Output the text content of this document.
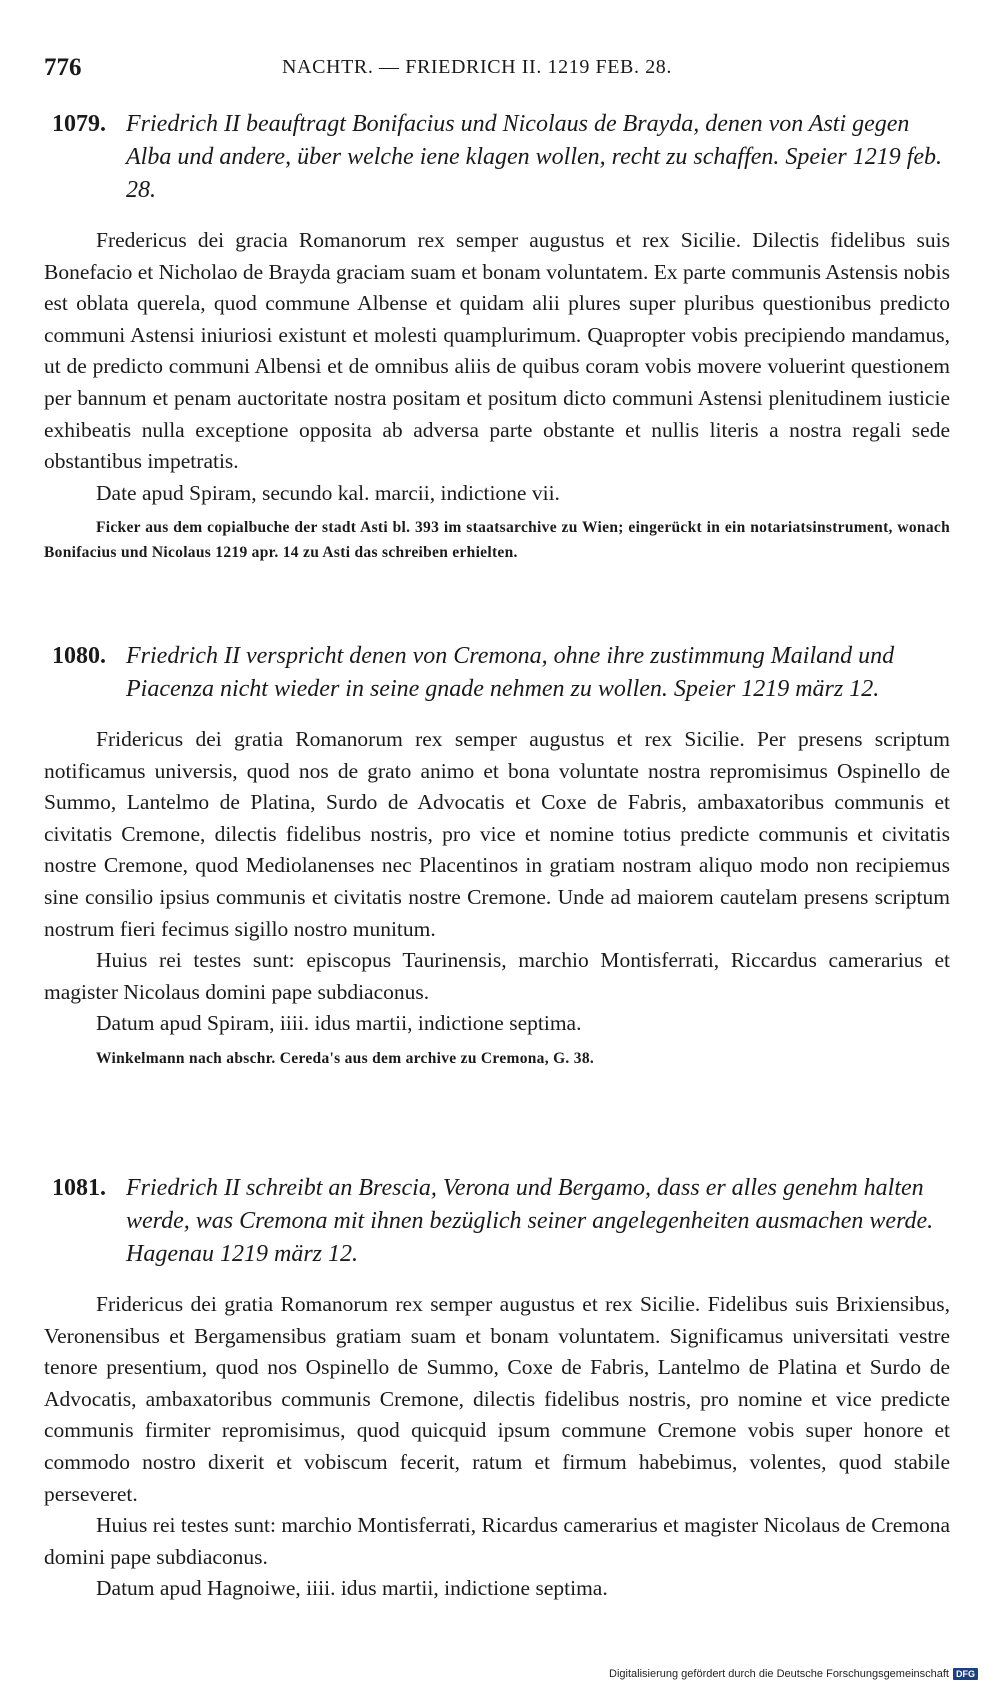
776	NACHTR. — FRIEDRICH II. 1219 FEB. 28.
1079. Friedrich II beauftragt Bonifacius und Nicolaus de Brayda, denen von Asti gegen Alba und andere, über welche iene klagen wollen, recht zu schaffen. Speier 1219 feb. 28.

Fredericus dei gracia Romanorum rex semper augustus et rex Sicilie. Dilectis fidelibus suis Bonefacio et Nicholao de Brayda graciam suam et bonam voluntatem. Ex parte communis Astensis nobis est oblata querela, quod commune Albense et quidam alii plures super pluribus questionibus predicto communi Astensi iniuriosi existunt et molesti quamplurimum. Quapropter vobis precipiendo mandamus, ut de predicto communi Albensi et de omnibus aliis de quibus coram vobis movere voluerint questionem per bannum et penam auctoritate nostra positam et positum dicto communi Astensi plenitudinem iusticie exhibeatis nulla exceptione opposita ab adversa parte obstante et nullis literis a nostra regali sede obstantibus impetratis.

Date apud Spiram, secundo kal. marcii, indictione vii.

Ficker aus dem copialbuche der stadt Asti bl. 393 im staatsarchive zu Wien; eingerückt in ein notariatsinstrument, wonach Bonifacius und Nicolaus 1219 apr. 14 zu Asti das schreiben erhielten.

1080. Friedrich II verspricht denen von Cremona, ohne ihre zustimmung Mailand und Piacenza nicht wieder in seine gnade nehmen zu wollen. Speier 1219 märz 12.

Fridericus dei gratia Romanorum rex semper augustus et rex Sicilie. Per presens scriptum notificamus universis, quod nos de grato animo et bona voluntate nostra repromisimus Ospinello de Summo, Lantelmo de Platina, Surdo de Advocatis et Coxe de Fabris, ambaxatoribus communis et civitatis Cremone, dilectis fidelibus nostris, pro vice et nomine totius predicte communis et civitatis nostre Cremone, quod Mediolanenses nec Placentinos in gratiam nostram aliquo modo non recipiemus sine consilio ipsius communis et civitatis nostre Cremone. Unde ad maiorem cautelam presens scriptum nostrum fieri fecimus sigillo nostro munitum.

Huius rei testes sunt: episcopus Taurinensis, marchio Montisferrati, Riccardus camerarius et magister Nicolaus domini pape subdiaconus.

Datum apud Spiram, iiii. idus martii, indictione septima.

Winkelmann nach abschr. Cereda's aus dem archive zu Cremona, G. 38.

1081. Friedrich II schreibt an Brescia, Verona und Bergamo, dass er alles genehm halten werde, was Cremona mit ihnen bezüglich seiner angelegenheiten ausmachen werde. Hagenau 1219 märz 12.

Fridericus dei gratia Romanorum rex semper augustus et rex Sicilie. Fidelibus suis Brixiensibus, Veronensibus et Bergamensibus gratiam suam et bonam voluntatem. Significamus universitati vestre tenore presentium, quod nos Ospinello de Summo, Coxe de Fabris, Lantelmo de Platina et Surdo de Advocatis, ambaxatoribus communis Cremone, dilectis fidelibus nostris, pro nomine et vice predicte communis firmiter repromisimus, quod quicquid ipsum commune Cremone vobis super honore et commodo nostro dixerit et vobiscum fecerit, ratum et firmum habebimus, volentes, quod stabile perseveret.

Huius rei testes sunt: marchio Montisferrati, Ricardus camerarius et magister Nicolaus de Cremona domini pape subdiaconus.

Datum apud Hagnoiwe, iiii. idus martii, indictione septima.

Digitalisierung gefördert durch die Deutsche Forschungsgemeinschaft DFG
